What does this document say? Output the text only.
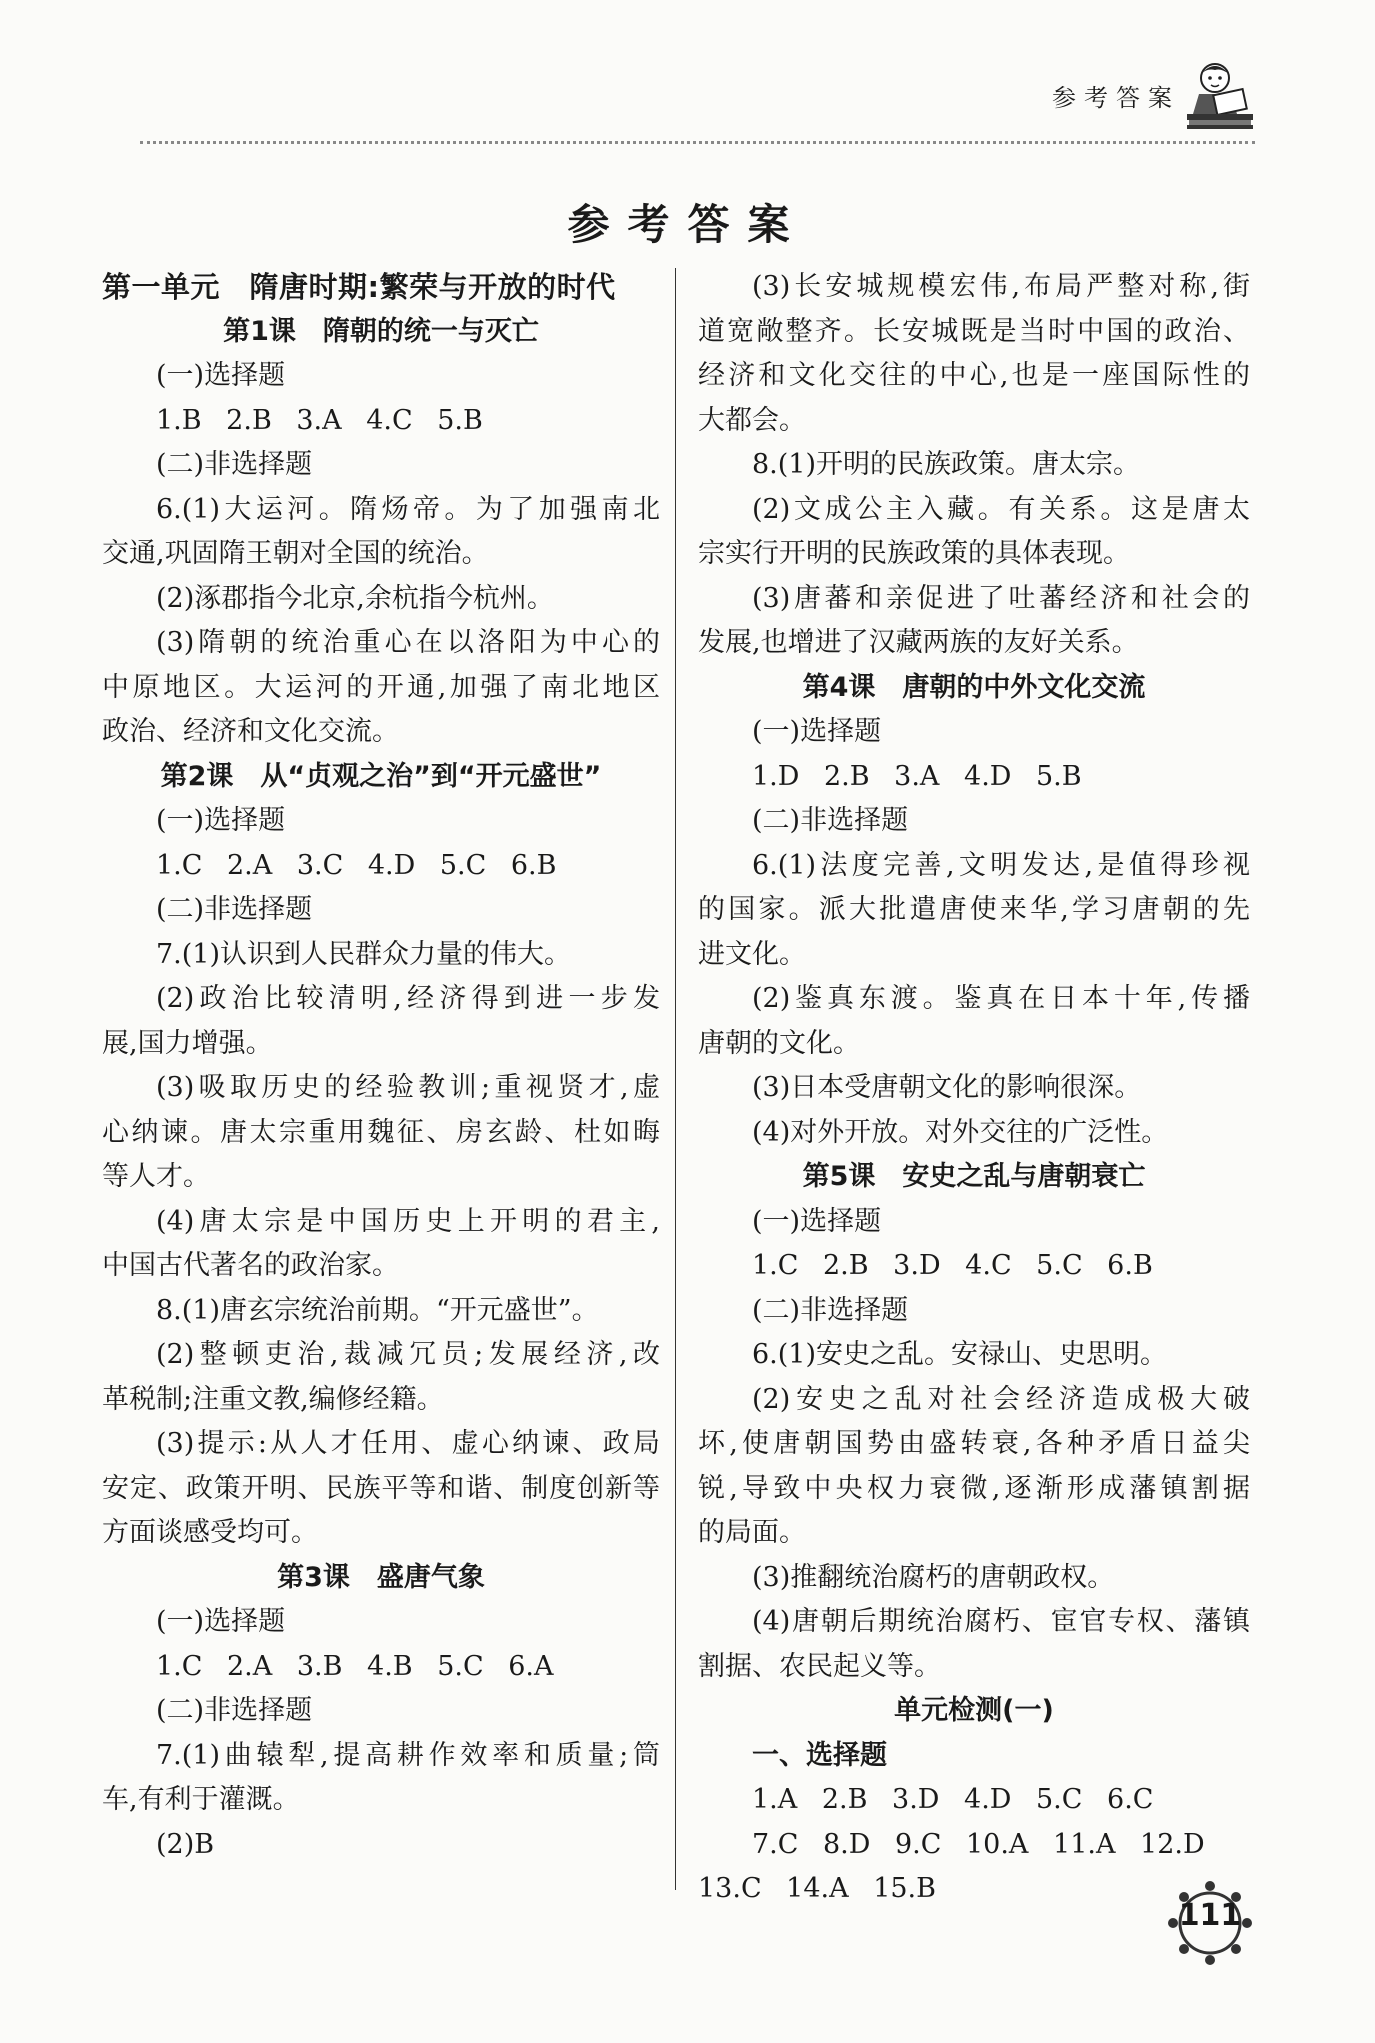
参考答案
参考答案
第一单元　隋唐时期:繁荣与开放的时代
第1课　隋朝的统一与灭亡
(一)选择题
1.B 2.B 3.A 4.C 5.B
(二)非选择题
6.(1)大运河。隋炀帝。为了加强南北
交通,巩固隋王朝对全国的统治。
(2)涿郡指今北京,余杭指今杭州。
(3)隋朝的统治重心在以洛阳为中心的
中原地区。大运河的开通,加强了南北地区
政治、经济和文化交流。
第2课　从“贞观之治”到“开元盛世”
(一)选择题
1.C 2.A 3.C 4.D 5.C 6.B
(二)非选择题
7.(1)认识到人民群众力量的伟大。
(2)政治比较清明,经济得到进一步发
展,国力增强。
(3)吸取历史的经验教训;重视贤才,虚
心纳谏。唐太宗重用魏征、房玄龄、杜如晦
等人才。
(4)唐太宗是中国历史上开明的君主,
中国古代著名的政治家。
8.(1)唐玄宗统治前期。“开元盛世”。
(2)整顿吏治,裁减冗员;发展经济,改
革税制;注重文教,编修经籍。
(3)提示:从人才任用、虚心纳谏、政局
安定、政策开明、民族平等和谐、制度创新等
方面谈感受均可。
第3课　盛唐气象
(一)选择题
1.C 2.A 3.B 4.B 5.C 6.A
(二)非选择题
7.(1)曲辕犁,提高耕作效率和质量;筒
车,有利于灌溉。
(2)B
(3)长安城规模宏伟,布局严整对称,街
道宽敞整齐。长安城既是当时中国的政治、
经济和文化交往的中心,也是一座国际性的
大都会。
8.(1)开明的民族政策。唐太宗。
(2)文成公主入藏。有关系。这是唐太
宗实行开明的民族政策的具体表现。
(3)唐蕃和亲促进了吐蕃经济和社会的
发展,也增进了汉藏两族的友好关系。
第4课　唐朝的中外文化交流
(一)选择题
1.D 2.B 3.A 4.D 5.B
(二)非选择题
6.(1)法度完善,文明发达,是值得珍视
的国家。派大批遣唐使来华,学习唐朝的先
进文化。
(2)鉴真东渡。鉴真在日本十年,传播
唐朝的文化。
(3)日本受唐朝文化的影响很深。
(4)对外开放。对外交往的广泛性。
第5课　安史之乱与唐朝衰亡
(一)选择题
1.C 2.B 3.D 4.C 5.C 6.B
(二)非选择题
6.(1)安史之乱。安禄山、史思明。
(2)安史之乱对社会经济造成极大破
坏,使唐朝国势由盛转衰,各种矛盾日益尖
锐,导致中央权力衰微,逐渐形成藩镇割据
的局面。
(3)推翻统治腐朽的唐朝政权。
(4)唐朝后期统治腐朽、宦官专权、藩镇
割据、农民起义等。
单元检测(一)
一、选择题
1.A 2.B 3.D 4.D 5.C 6.C
7.C 8.D 9.C 10.A 11.A 12.D
13.C 14.A 15.B
111
